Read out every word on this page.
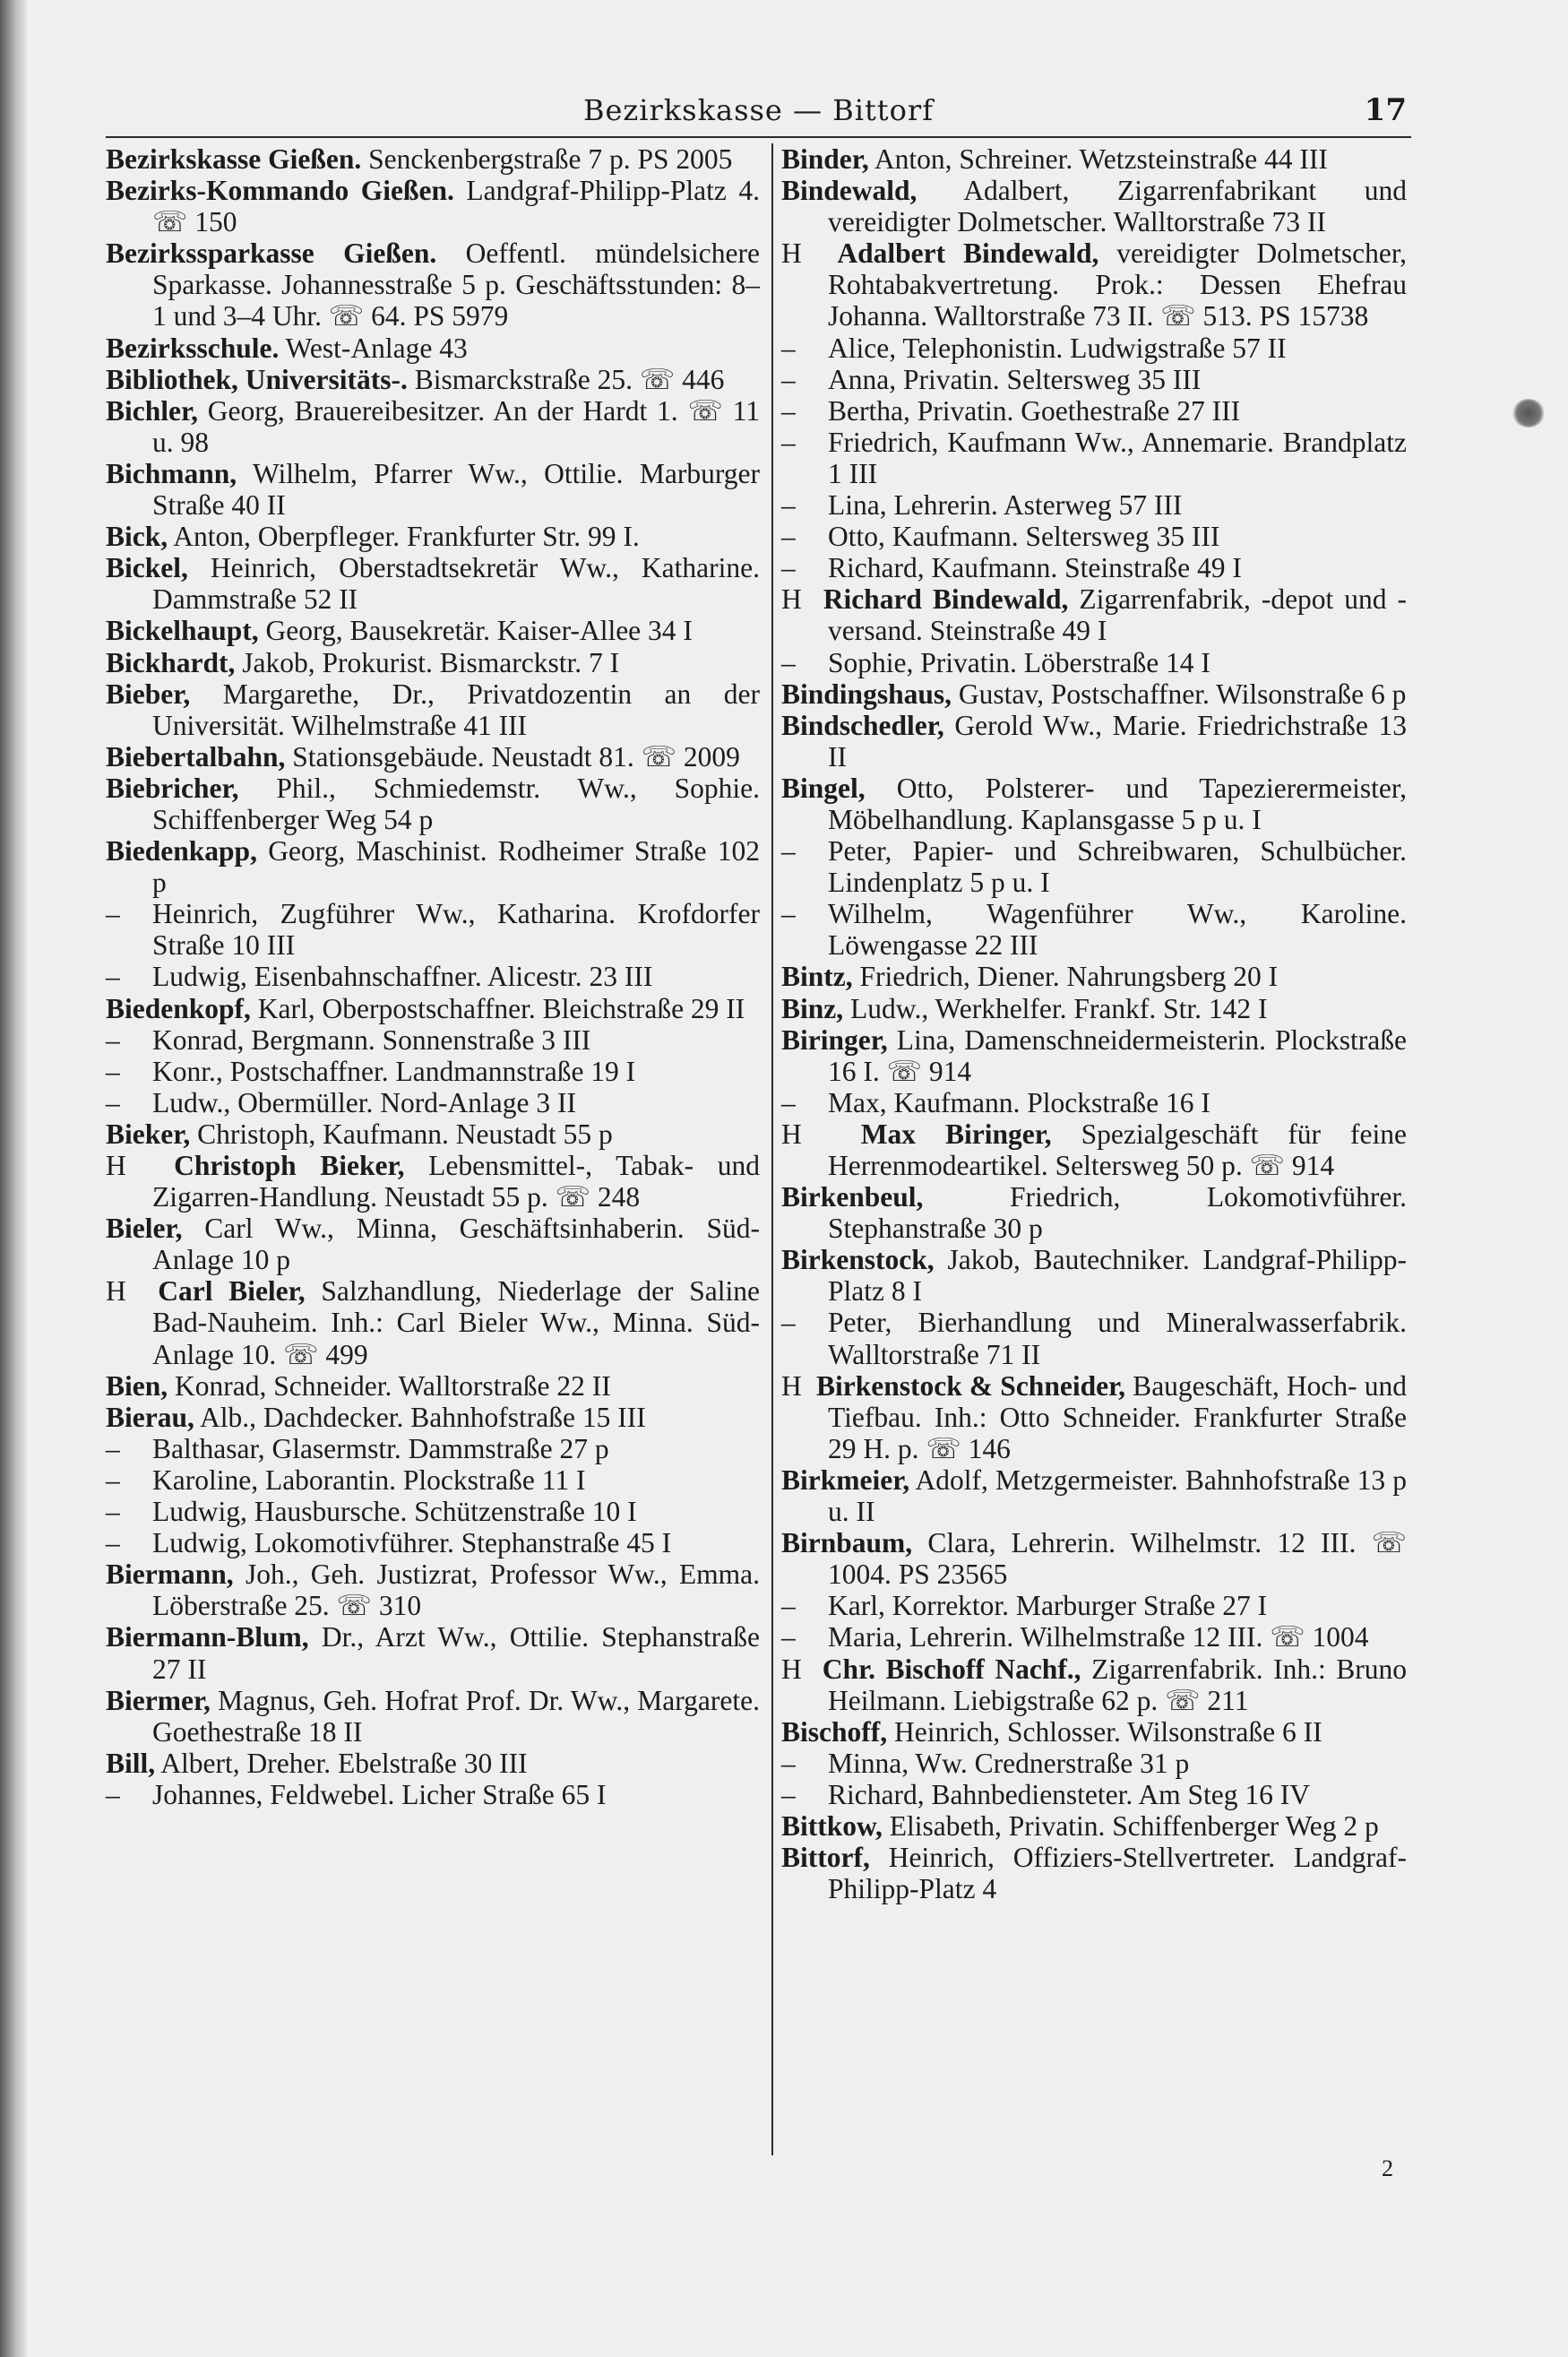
Bezirkskasse — Bittorf	17

Bezirkskasse Gießen. Senckenbergstraße 7 p. PS 2005

Bezirks-Kommando Gießen. Landgraf-Philipp-Platz 4. ☏ 150

Bezirkssparkasse Gießen. Oeffentl. mündelsichere Sparkasse. Johannesstraße 5 p. Geschäftsstunden: 8–1 und 3–4 Uhr. ☏ 64. PS 5979

Bezirksschule. West-Anlage 43

Bibliothek, Universitäts-. Bismarckstraße 25. ☏ 446

Bichler, Georg, Brauereibesitzer. An der Hardt 1. ☏ 11 u. 98

Bichmann, Wilhelm, Pfarrer Ww., Ottilie. Marburger Straße 40 II

Bick, Anton, Oberpfleger. Frankfurter Str. 99 I.

Bickel, Heinrich, Oberstadtsekretär Ww., Katharine. Dammstraße 52 II

Bickelhaupt, Georg, Bausekretär. Kaiser-Allee 34 I

Bickhardt, Jakob, Prokurist. Bismarckstr. 7 I

Bieber, Margarethe, Dr., Privatdozentin an der Universität. Wilhelmstraße 41 III

Biebertalbahn, Stationsgebäude. Neustadt 81. ☏ 2009

Biebricher, Phil., Schmiedemstr. Ww., Sophie. Schiffenberger Weg 54 p

Biedenkapp, Georg, Maschinist. Rodheimer Straße 102 p

– Heinrich, Zugführer Ww., Katharina. Krofdorfer Straße 10 III

– Ludwig, Eisenbahnschaffner. Alicestr. 23 III

Biedenkopf, Karl, Oberpostschaffner. Bleichstraße 29 II

– Konrad, Bergmann. Sonnenstraße 3 III

– Konr., Postschaffner. Landmannstraße 19 I

– Ludw., Obermüller. Nord-Anlage 3 II

Bieker, Christoph, Kaufmann. Neustadt 55 p

H Christoph Bieker, Lebensmittel-, Tabak- und Zigarren-Handlung. Neustadt 55 p. ☏ 248

Bieler, Carl Ww., Minna, Geschäftsinhaberin. Süd-Anlage 10 p

H Carl Bieler, Salzhandlung, Niederlage der Saline Bad-Nauheim. Inh.: Carl Bieler Ww., Minna. Süd-Anlage 10. ☏ 499

Bien, Konrad, Schneider. Walltorstraße 22 II

Bierau, Alb., Dachdecker. Bahnhofstraße 15 III

– Balthasar, Glasermstr. Dammstraße 27 p

– Karoline, Laborantin. Plockstraße 11 I

– Ludwig, Hausbursche. Schützenstraße 10 I

– Ludwig, Lokomotivführer. Stephanstraße 45 I

Biermann, Joh., Geh. Justizrat, Professor Ww., Emma. Löberstraße 25. ☏ 310

Biermann-Blum, Dr., Arzt Ww., Ottilie. Stephanstraße 27 II

Biermer, Magnus, Geh. Hofrat Prof. Dr. Ww., Margarete. Goethestraße 18 II

Bill, Albert, Dreher. Ebelstraße 30 III

– Johannes, Feldwebel. Licher Straße 65 I

Binder, Anton, Schreiner. Wetzsteinstraße 44 III

Bindewald, Adalbert, Zigarrenfabrikant und vereidigter Dolmetscher. Walltorstraße 73 II

H Adalbert Bindewald, vereidigter Dolmetscher, Rohtabakvertretung. Prok.: Dessen Ehefrau Johanna. Walltorstraße 73 II. ☏ 513. PS 15738

– Alice, Telephonistin. Ludwigstraße 57 II

– Anna, Privatin. Seltersweg 35 III

– Bertha, Privatin. Goethestraße 27 III

– Friedrich, Kaufmann Ww., Annemarie. Brandplatz 1 III

– Lina, Lehrerin. Asterweg 57 III

– Otto, Kaufmann. Seltersweg 35 III

– Richard, Kaufmann. Steinstraße 49 I

H Richard Bindewald, Zigarrenfabrik, -depot und -versand. Steinstraße 49 I

– Sophie, Privatin. Löberstraße 14 I

Bindingshaus, Gustav, Postschaffner. Wilsonstraße 6 p

Bindschedler, Gerold Ww., Marie. Friedrichstraße 13 II

Bingel, Otto, Polsterer- und Tapezierermeister, Möbelhandlung. Kaplansgasse 5 p u. I

– Peter, Papier- und Schreibwaren, Schulbücher. Lindenplatz 5 p u. I

– Wilhelm, Wagenführer Ww., Karoline. Löwengasse 22 III

Bintz, Friedrich, Diener. Nahrungsberg 20 I

Binz, Ludw., Werkhelfer. Frankf. Str. 142 I

Biringer, Lina, Damenschneidermeisterin. Plockstraße 16 I. ☏ 914

– Max, Kaufmann. Plockstraße 16 I

H Max Biringer, Spezialgeschäft für feine Herrenmodeartikel. Seltersweg 50 p. ☏ 914

Birkenbeul, Friedrich, Lokomotivführer. Stephanstraße 30 p

Birkenstock, Jakob, Bautechniker. Landgraf-Philipp-Platz 8 I

– Peter, Bierhandlung und Mineralwasserfabrik. Walltorstraße 71 II

H Birkenstock & Schneider, Baugeschäft, Hoch- und Tiefbau. Inh.: Otto Schneider. Frankfurter Straße 29 H. p. ☏ 146

Birkmeier, Adolf, Metzgermeister. Bahnhofstraße 13 p u. II

Birnbaum, Clara, Lehrerin. Wilhelmstr. 12 III. ☏ 1004. PS 23565

– Karl, Korrektor. Marburger Straße 27 I

– Maria, Lehrerin. Wilhelmstraße 12 III. ☏ 1004

H Chr. Bischoff Nachf., Zigarrenfabrik. Inh.: Bruno Heilmann. Liebigstraße 62 p. ☏ 211

Bischoff, Heinrich, Schlosser. Wilsonstraße 6 II

– Minna, Ww. Crednerstraße 31 p

– Richard, Bahnbediensteter. Am Steg 16 IV

Bittkow, Elisabeth, Privatin. Schiffenberger Weg 2 p

Bittorf, Heinrich, Offiziers-Stellvertreter. Landgraf-Philipp-Platz 4

2
